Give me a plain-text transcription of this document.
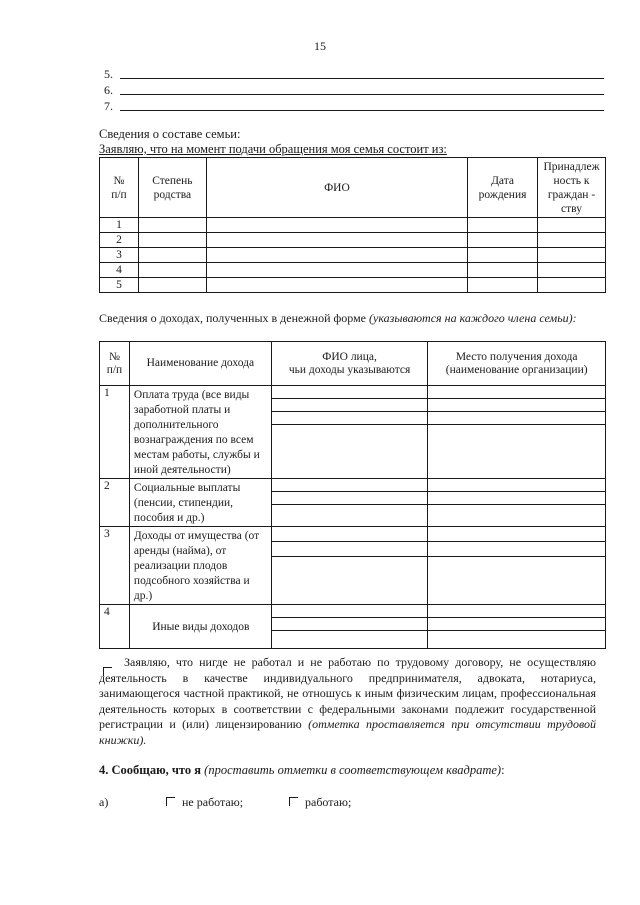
15
5.
6.
7.
Сведения о составе семьи:
Заявляю, что на момент подачи обращения моя семья состоит из:
№
п/п	Степень
родства	ФИО	Дата
рождения	Принадлеж
ность к
граждан -
ству
1				
2				
3				
4				
5				
Сведения о доходах, полученных в денежной форме (указываются на каждого члена семьи):
№
п/п	Наименование дохода	ФИО лица,
чьи доходы указываются	Место получения дохода
(наименование организации)
1	Оплата труда (все виды заработной платы и дополнительного вознаграждения по всем местам работы, службы и иной деятельности)	

2	Социальные выплаты (пенсии, стипендии, пособия и др.)	

3	Доходы от имущества (от аренды (найма), от реализации плодов подсобного хозяйства и др.)	

4	Иные виды доходов	

Заявляю, что нигде не работал и не работаю по трудовому договору, не осуществляю деятельность в качестве индивидуального предпринимателя, адвоката, нотариуса, занимающегося частной практикой, не отношусь к иным физическим лицам, профессиональная деятельность которых в соответствии с федеральными законами подлежит государственной регистрации и (или) лицензированию (отметка проставляется при отсутствии трудовой книжки).
4. Сообщаю, что я (проставить отметки в соответствующем квадрате):
а)	не работаю;	работаю;
